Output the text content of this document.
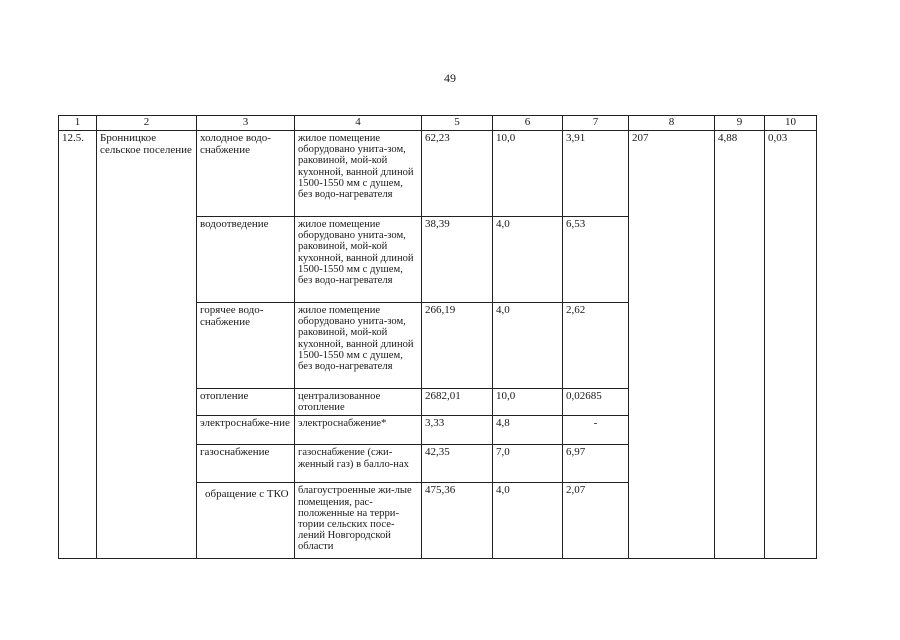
49
1	2	3	4	5	6	7	8	9	10
12.5.	Бронницкое сельское поселение	холодное водо-снабжение	жилое помещение оборудовано унита-зом, раковиной, мой-кой кухонной, ванной длиной 1500-1550 мм с душем, без водо-нагревателя	62,23	10,0	3,91	207	4,88	0,03
		водоотведение	жилое помещение оборудовано унита-зом, раковиной, мой-кой кухонной, ванной длиной 1500-1550 мм с душем, без водо-нагревателя	38,39	4,0	6,53			
		горячее водо-снабжение	жилое помещение оборудовано унита-зом, раковиной, мой-кой кухонной, ванной длиной 1500-1550 мм с душем, без водо-нагревателя	266,19	4,0	2,62			
		отопление	централизованное отопление	2682,01	10,0	0,02685			
		электроснабже-ние	электроснабжение*	3,33	4,8	-			
		газоснабжение	газоснабжение (сжи-женный газ) в балло-нах	42,35	7,0	6,97			
		обращение с ТКО	благоустроенные жи-лые помещения, рас-положенные на терри-тории сельских посе-лений Новгородской области	475,36	4,0	2,07			
